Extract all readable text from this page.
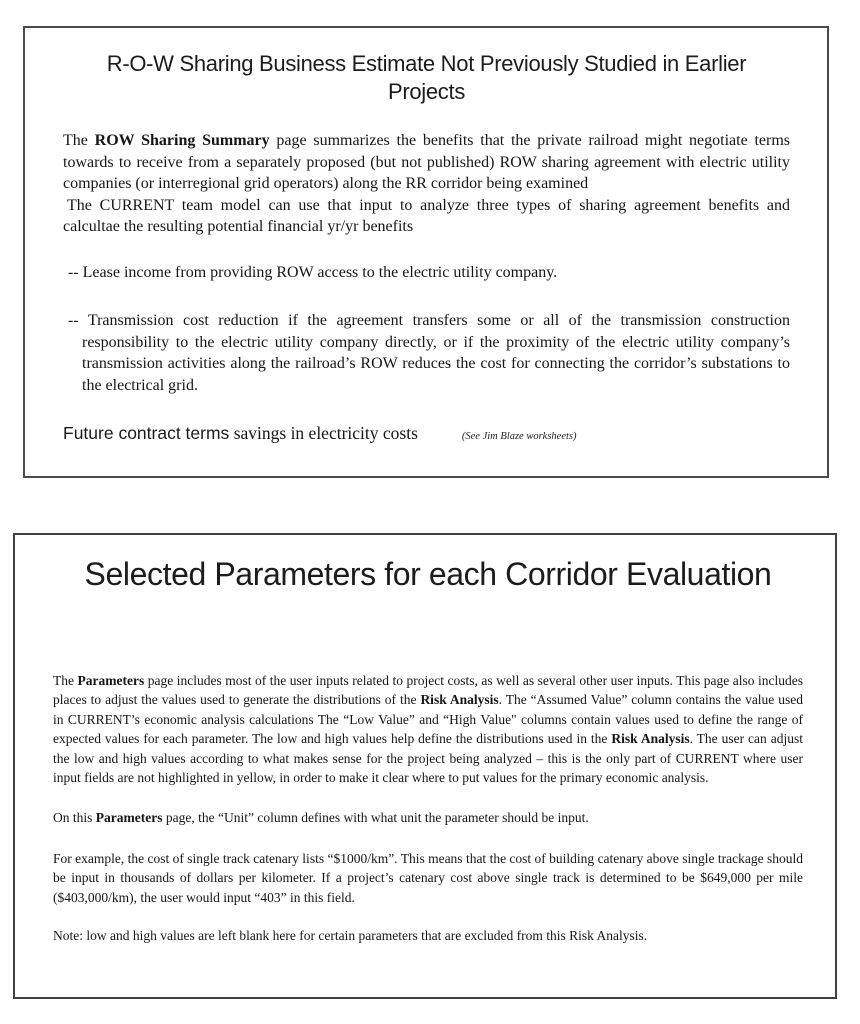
R-O-W Sharing Business Estimate Not Previously Studied in Earlier Projects

The ROW Sharing Summary page summarizes the benefits that the private railroad might negotiate terms towards to receive from a separately proposed (but not published) ROW sharing agreement with electric utility companies (or interregional grid operators) along the RR corridor being examined

The CURRENT team model can use that input to analyze three types of sharing agreement benefits and calcultae the resulting potential financial yr/yr benefits

-- Lease income from providing ROW access to the electric utility company.

-- Transmission cost reduction if the agreement transfers some or all of the transmission construction responsibility to the electric utility company directly, or if the proximity of the electric utility company’s transmission activities along the railroad’s ROW reduces the cost for connecting the corridor’s substations to the electrical grid.

Future contract terms savings in electricity costs	(See Jim Blaze worksheets)

Selected Parameters for each Corridor Evaluation

The Parameters page includes most of the user inputs related to project costs, as well as several other user inputs. This page also includes places to adjust the values used to generate the distributions of the Risk Analysis. The “Assumed Value” column contains the value used in CURRENT’s economic analysis calculations The “Low Value” and “High Value" columns contain values used to define the range of expected values for each parameter. The low and high values help define the distributions used in the Risk Analysis. The user can adjust the low and high values according to what makes sense for the project being analyzed – this is the only part of CURRENT where user input fields are not highlighted in yellow, in order to make it clear where to put values for the primary economic analysis.

On this Parameters page, the “Unit” column defines with what unit the parameter should be input.

For example, the cost of single track catenary lists “$1000/km”. This means that the cost of building catenary above single trackage should be input in thousands of dollars per kilometer. If a project’s catenary cost above single track is determined to be $649,000 per mile ($403,000/km), the user would input “403” in this field.

Note: low and high values are left blank here for certain parameters that are excluded from this Risk Analysis.
